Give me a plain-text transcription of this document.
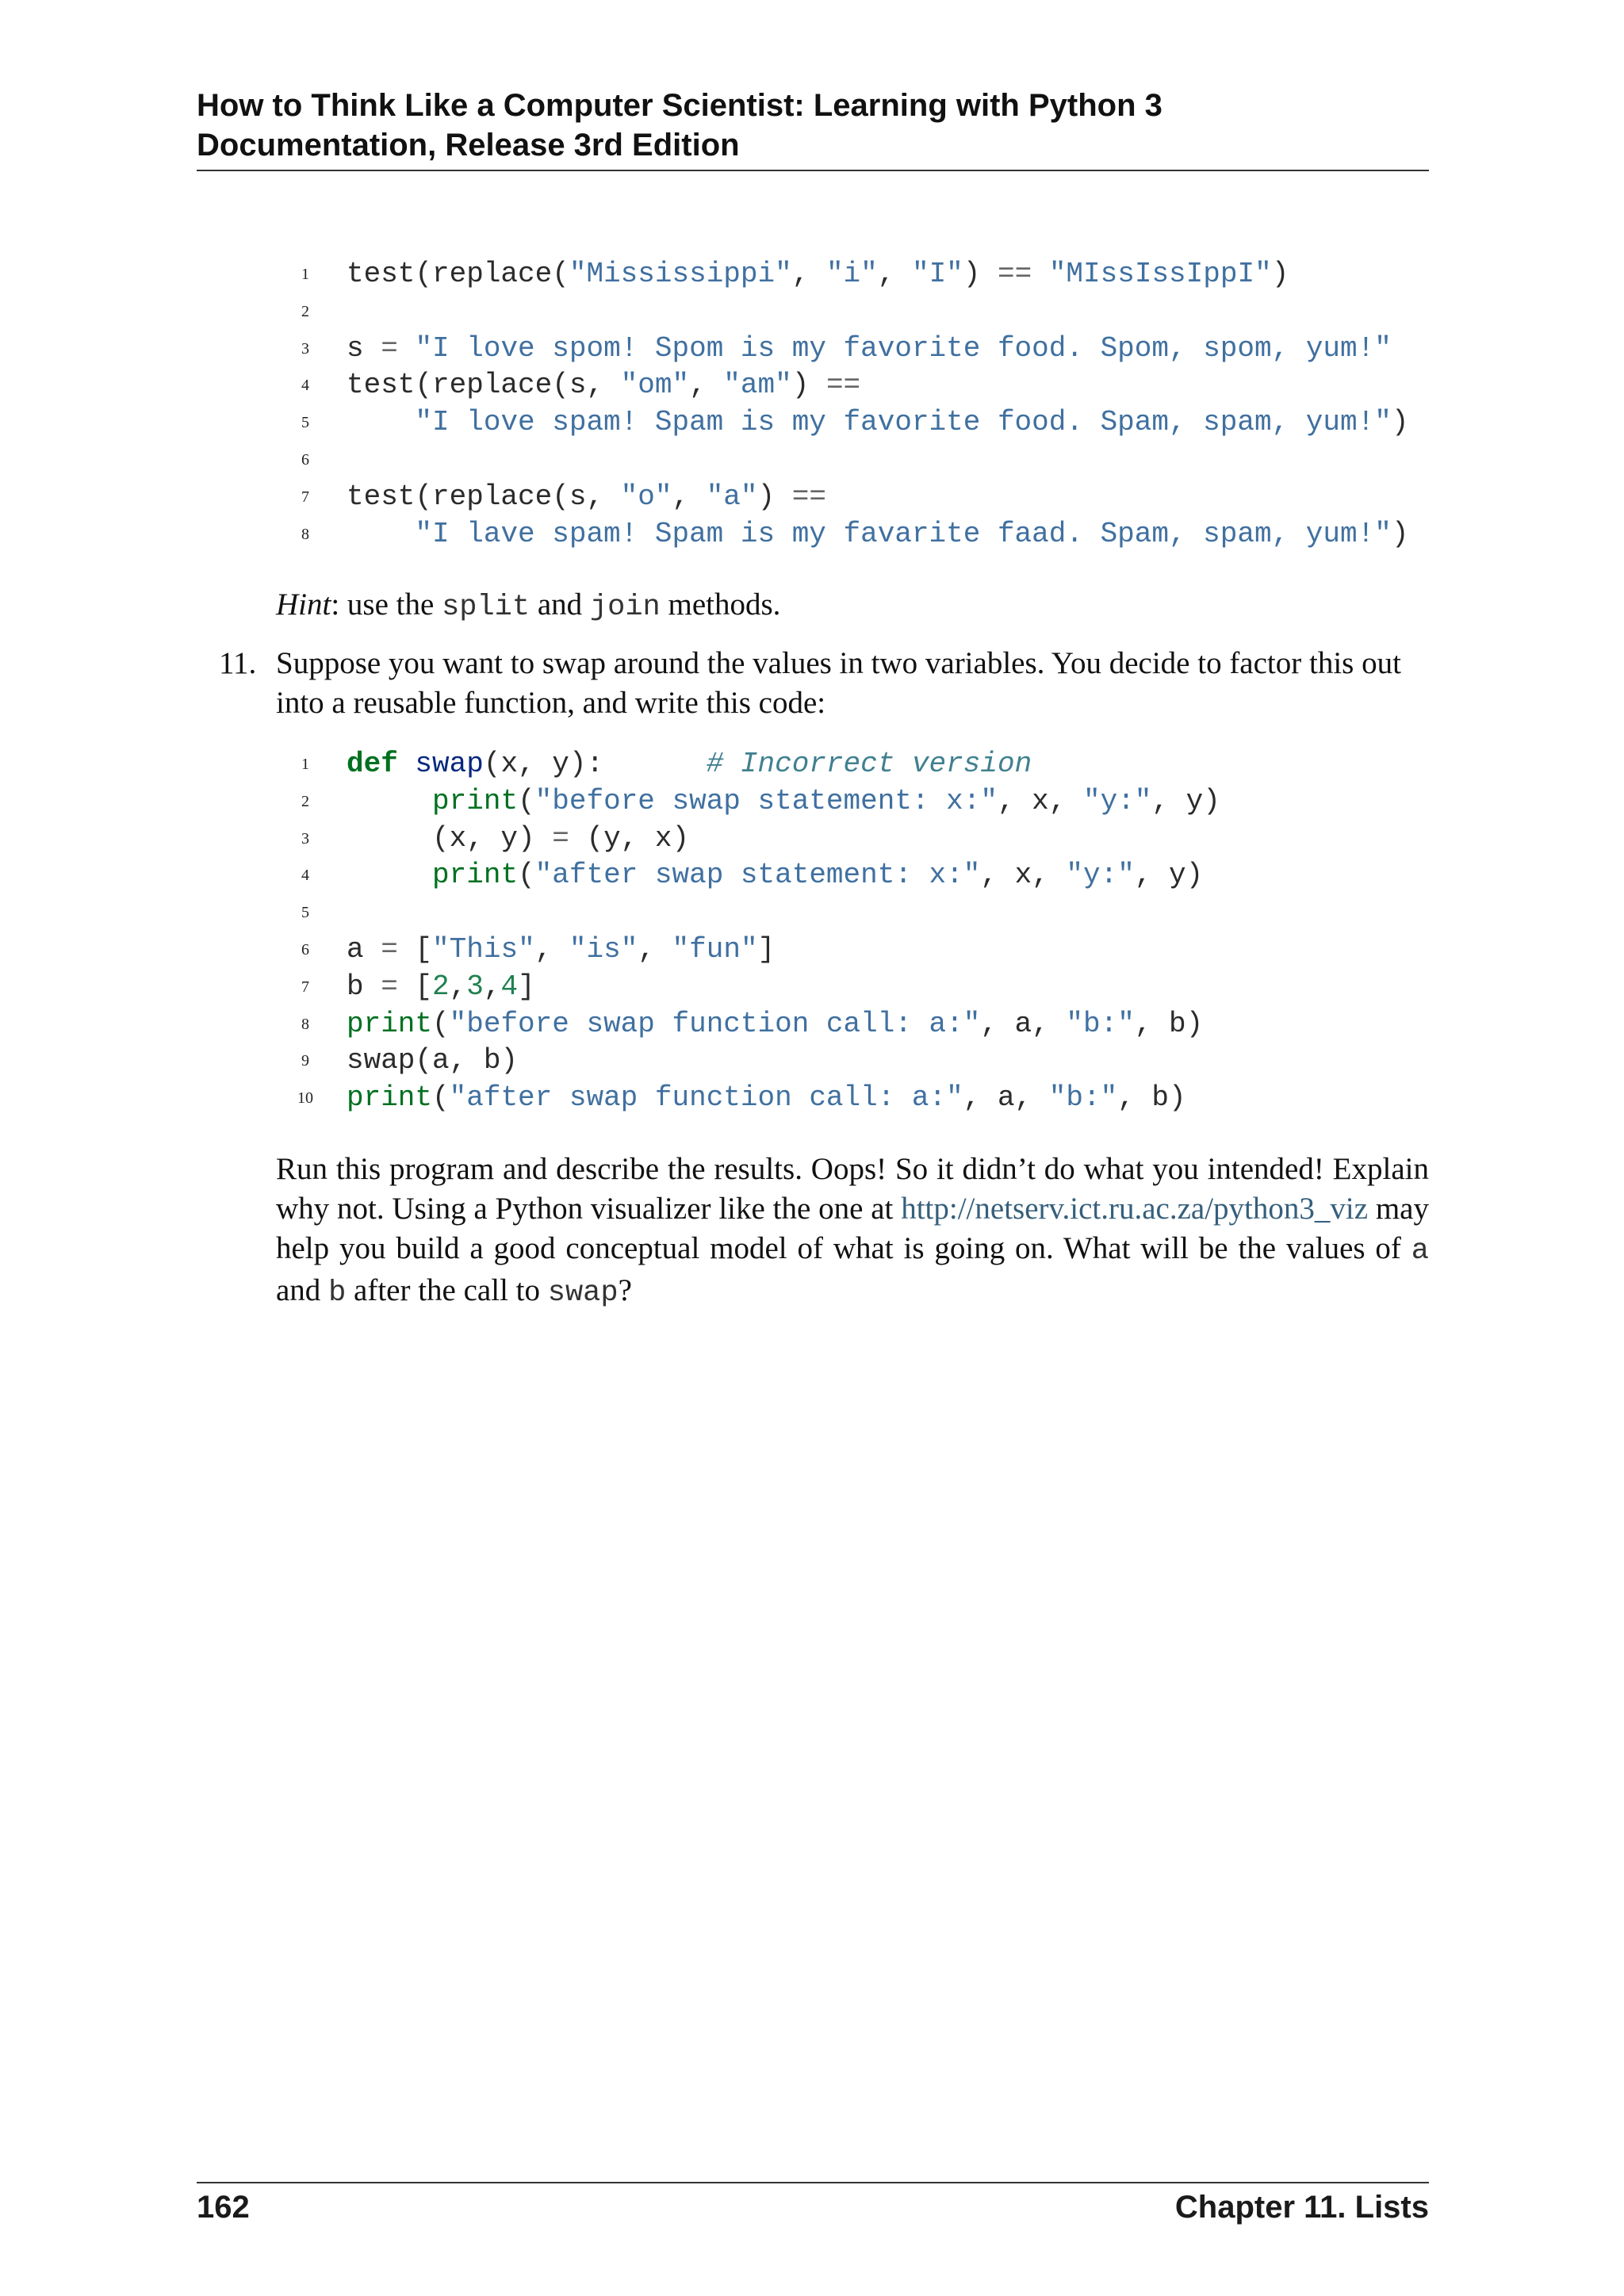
How to Think Like a Computer Scientist: Learning with Python 3
Documentation, Release 3rd Edition
1 test(replace("Mississippi", "i", "I") == "MIssIssIppI")
2
3 s = "I love spom! Spom is my favorite food. Spom, spom, yum!"
4 test(replace(s, "om", "am") ==
5	"I love spam! Spam is my favorite food. Spam, spam, yum!")
6
7 test(replace(s, "o", "a") ==
8	"I lave spam! Spam is my favarite faad. Spam, spam, yum!")
Hint: use the split and join methods.
11. Suppose you want to swap around the values in two variables. You decide to factor this out into a reusable function, and write this code:
1 def swap(x, y):      # Incorrect version
2	print("before swap statement: x:", x, "y:", y)
3 (x, y) = (y, x)
4	print("after swap statement: x:", x, "y:", y)
5
6 a = ["This", "is", "fun"]
7 b = [2,3,4]
8 print("before swap function call: a:", a, "b:", b)
9 swap(a, b)
10 print("after swap function call: a:", a, "b:", b)
Run this program and describe the results. Oops! So it didn’t do what you intended! Explain why not. Using a Python visualizer like the one at http://netserv.ict.ru.ac.za/python3_viz may help you build a good conceptual model of what is going on. What will be the values of a and b after the call to swap?
162	Chapter 11. Lists
